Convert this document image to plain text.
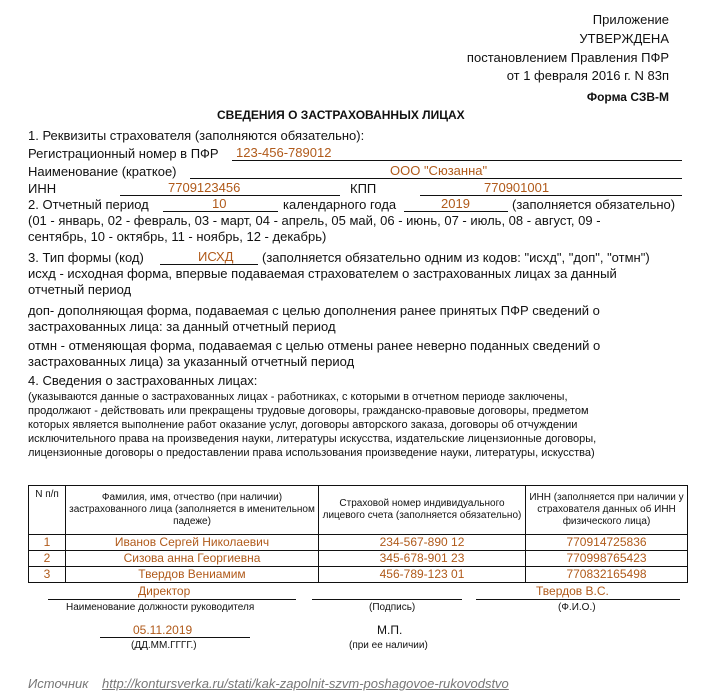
Приложение
УТВЕРЖДЕНА
постановлением Правления ПФР
от 1 февраля 2016 г. N 83п
Форма СЗВ-М
СВЕДЕНИЯ О ЗАСТРАХОВАННЫХ ЛИЦАХ
1. Реквизиты страхователя (заполняются обязательно):
Регистрационный номер в ПФР 123-456-789012
Наименование (краткое)	ООО "Сюзанна"
ИНН	7709123456	КПП	770901001
2. Отчетный период	10	календарного года	2019	(заполняется обязательно)
(01 - январь, 02 - февраль, 03 - март, 04 - апрель, 05 май, 06 - июнь, 07 - июль, 08 - август, 09 -
сентябрь, 10 - октябрь, 11 - ноябрь, 12 - декабрь)
3. Тип формы (код)	ИСХД (заполняется обязательно одним из кодов: "исхд", "доп", "отмн")
исхд - исходная форма, впервые подаваемая страхователем о застрахованных лицах за данный
отчетный период
доп- дополняющая форма, подаваемая с целью дополнения ранее принятых ПФР сведений о
застрахованных лица: за данный отчетный период
отмн - отменяющая форма, подаваемая с целью отмены ранее неверно поданных сведений о
застрахованных лица) за указанный отчетный период
4. Сведения о застрахованных лицах:
(указываются данные о застрахованных лицах - работниках, с которыми в отчетном периоде заключены,
продолжают - действовать или прекращены трудовые договоры, гражданско-правовые договоры, предметом
которых является выполнение работ оказание услуг, договоры авторского заказа, договоры об отчуждении
исключительного права на произведения науки, литературы искусства, издательские лицензионные договоры,
лицензионные договоры о предоставлении права использования произведение науки, литературы, искусства)
N п/п	Фамилия, имя, отчество (при наличии) застрахованного лица (заполняется в именительном падеже)	Страховой номер индивидуального лицевого счета (заполняется обязательно)	ИНН (заполняется при наличии у страхователя данных об ИНН физического лица)
1	Иванов Сергей Николаевич	234-567-890 12	770914725836
2	Сизова анна Георгиевна	345-678-901 23	770998765423
3	Твердов Вениамим	456-789-123 01	770832165498
Директор
Наименование должности руководителя	(Подпись)
Твердов В.С.
(Ф.И.О.)
05.11.2019
(ДД.ММ.ГГГГ.)
М.П.
(при ее наличии)
Источник http://kontursverka.ru/stati/kak-zapolnit-szvm-poshagovoe-rukovodstvo
